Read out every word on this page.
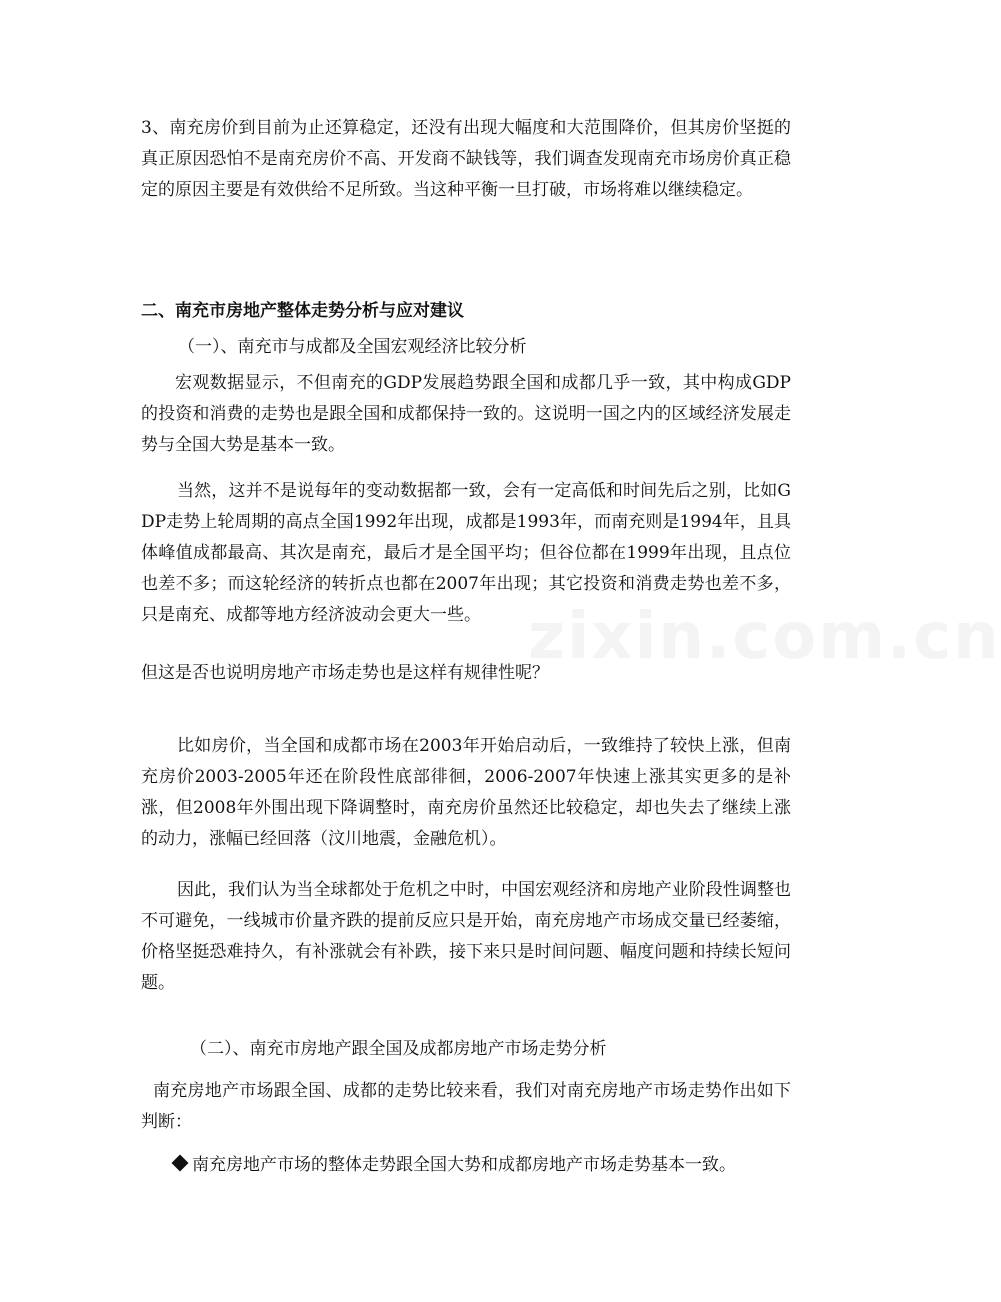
zixin.com.cn

3、南充房价到目前为止还算稳定，还没有出现大幅度和大范围降价，但其房价坚挺的真正原因恐怕不是南充房价不高、开发商不缺钱等，我们调查发现南充市场房价真正稳定的原因主要是有效供给不足所致。当这种平衡一旦打破，市场将难以继续稳定。

二、南充市房地产整体走势分析与应对建议

（一）、南充市与成都及全国宏观经济比较分析

宏观数据显示，不但南充的GDP发展趋势跟全国和成都几乎一致，其中构成GDP的投资和消费的走势也是跟全国和成都保持一致的。这说明一国之内的区域经济发展走势与全国大势是基本一致。

当然，这并不是说每年的变动数据都一致，会有一定高低和时间先后之别，比如GDP走势上轮周期的高点全国1992年出现，成都是1993年，而南充则是1994年，且具体峰值成都最高、其次是南充，最后才是全国平均；但谷位都在1999年出现，且点位也差不多；而这轮经济的转折点也都在2007年出现；其它投资和消费走势也差不多，只是南充、成都等地方经济波动会更大一些。

但这是否也说明房地产市场走势也是这样有规律性呢？

比如房价，当全国和成都市场在2003年开始启动后，一致维持了较快上涨，但南充房价2003-2005年还在阶段性底部徘徊，2006-2007年快速上涨其实更多的是补涨，但2008年外围出现下降调整时，南充房价虽然还比较稳定，却也失去了继续上涨的动力，涨幅已经回落（汶川地震，金融危机）。

因此，我们认为当全球都处于危机之中时，中国宏观经济和房地产业阶段性调整也不可避免，一线城市价量齐跌的提前反应只是开始，南充房地产市场成交量已经萎缩，价格坚挺恐难持久，有补涨就会有补跌，接下来只是时间问题、幅度问题和持续长短问题。

（二）、南充市房地产跟全国及成都房地产市场走势分析

南充房地产市场跟全国、成都的走势比较来看，我们对南充房地产市场走势作出如下判断：

南充房地产市场的整体走势跟全国大势和成都房地产市场走势基本一致。
